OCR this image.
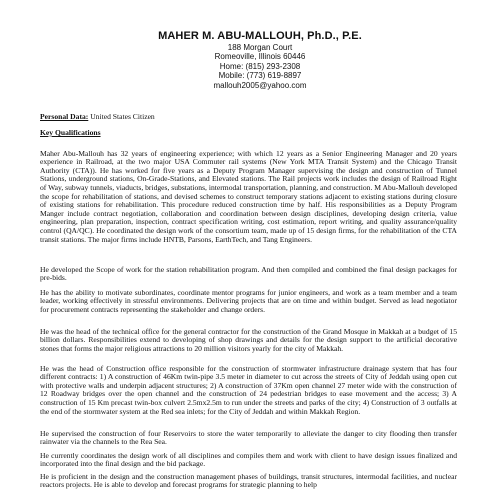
MAHER M. ABU-MALLOUH, Ph.D., P.E.
188 Morgan Court
Romeoville, Illinois 60446
Home: (815) 293-2308
Mobile: (773) 619-8897
mallouh2005@yahoo.com
Personal Data: United States Citizen
Key Qualifications

Maher Abu-Mallouh has 32 years of engineering experience; with which 12 years as a Senior Engineering Manager and 20 years experience in Railroad, at the two major USA Commuter rail systems (New York MTA Transit System) and the Chicago Transit Authority (CTA)). He has worked for five years as a Deputy Program Manager supervising the design and construction of Tunnel Stations, underground stations, On-Grade-Stations, and Elevated stations. The Rail projects work includes the design of Railroad Right of Way, subway tunnels, viaducts, bridges, substations, intermodal transportation, planning, and construction. M Abu-Mallouh developed the scope for rehabilitation of stations, and devised schemes to construct temporary stations adjacent to existing stations during closure of existing stations for rehabilitation. This procedure reduced construction time by half. His responsibilities as a Deputy Program Manger include contract negotiation, collaboration and coordination between design disciplines, developing design criteria, value engineering, plan preparation, inspection, contract specification writing, cost estimation, report writing, and quality assurance/quality control (QA/QC). He coordinated the design work of the consortium team, made up of 15 design firms, for the rehabilitation of the CTA transit stations. The major firms include HNTB, Parsons, EarthTech, and Tang Engineers.

He developed the Scope of work for the station rehabilitation program. And then compiled and combined the final design packages for pre-bids.

He has the ability to motivate subordinates, coordinate mentor programs for junior engineers, and work as a team member and a team leader, working effectively in stressful environments. Delivering projects that are on time and within budget. Served as lead negotiator for procurement contracts representing the stakeholder and change orders.

He was the head of the technical office for the general contractor for the construction of the Grand Mosque in Makkah at a budget of 15 billion dollars. Responsibilities extend to developing of shop drawings and details for the design support to the artificial decorative stones that forms the major religious attractions to 20 million visitors yearly for the city of Makkah.

He was the head of Construction office responsible for the construction of stormwater infrastructure drainage system that has four different contracts: 1) A construction of 46Km twin-pipe 3.5 meter in diameter to cut across the streets of City of Jeddah using open cut with protective walls and underpin adjacent structures; 2) A construction of 37Km open channel 27 meter wide with the construction of 12 Roadway bridges over the open channel and the construction of 24 pedestrian bridges to ease movement and the access; 3) A construction of 15 Km precast twin-box culvert 2.5mx2.5m to run under the streets and parks of the city; 4) Construction of 3 outfalls at the end of the stormwater system at the Red sea inlets; for the City of Jeddah and within Makkah Region.

He supervised the construction of four Reservoirs to store the water temporarily to alleviate the danger to city flooding then transfer rainwater via the channels to the Rea Sea.

He currently coordinates the design work of all disciplines and compiles them and work with client to have design issues finalized and incorporated into the final design and the bid package.

He is proficient in the design and the construction management phases of buildings, transit structures, intermodal facilities, and nuclear reactors projects. He is able to develop and forecast programs for strategic planning to help
